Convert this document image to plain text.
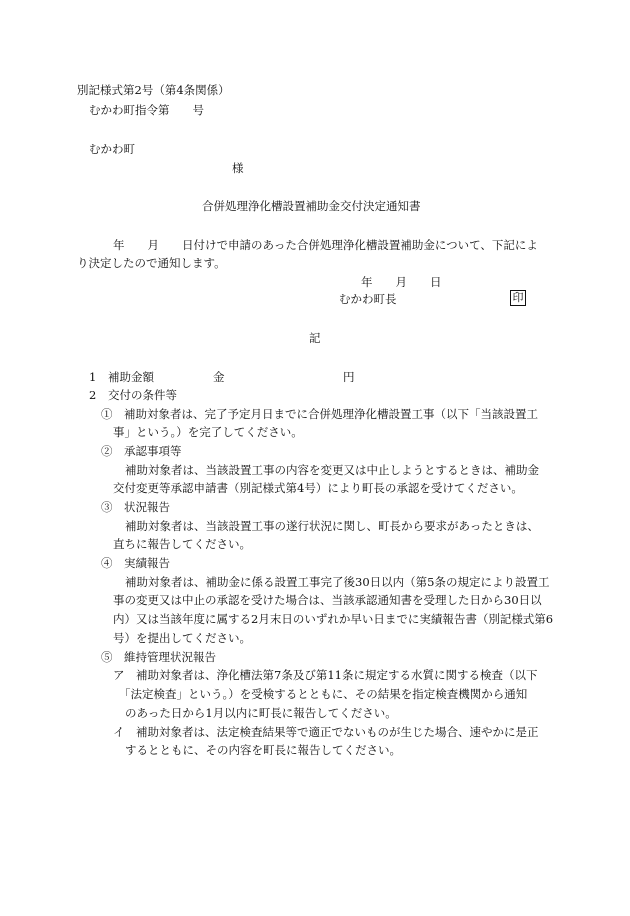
別記様式第2号（第4条関係）
むかわ町指令第　　号
むかわ町
様
合併処理浄化槽設置補助金交付決定通知書
年　　月　　日付けで申請のあった合併処理浄化槽設置補助金について、下記によ
り決定したので通知します。
年　　月　　日
むかわ町長	印
記
1 補助金額	金	円
2 交付の条件等
①　補助対象者は、完了予定月日までに合併処理浄化槽設置工事（以下「当該設置工
事」という。）を完了してください。
②　承認事項等
補助対象者は、当該設置工事の内容を変更又は中止しようとするときは、補助金
交付変更等承認申請書（別記様式第4号）により町長の承認を受けてください。
③　状況報告
補助対象者は、当該設置工事の遂行状況に関し、町長から要求があったときは、
直ちに報告してください。
④　実績報告
補助対象者は、補助金に係る設置工事完了後30日以内（第5条の規定により設置工
事の変更又は中止の承認を受けた場合は、当該承認通知書を受理した日から30日以
内）又は当該年度に属する2月末日のいずれか早い日までに実績報告書（別記様式第6
号）を提出してください。
⑤　維持管理状況報告
ア　補助対象者は、浄化槽法第7条及び第11条に規定する水質に関する検査（以下
「法定検査」という。）を受検するとともに、その結果を指定検査機関から通知
のあった日から1月以内に町長に報告してください。
イ　補助対象者は、法定検査結果等で適正でないものが生じた場合、速やかに是正
するとともに、その内容を町長に報告してください。
